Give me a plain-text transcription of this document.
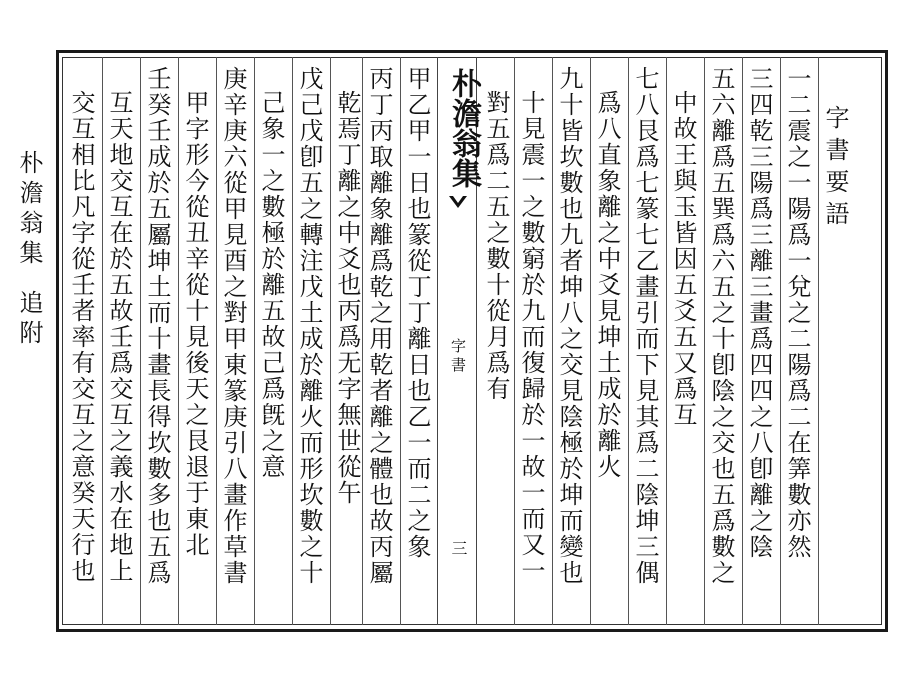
朴澹翁集
追附
朴澹翁集
字書
三
字書要語
一二震之一陽爲一兌之二陽爲二在筭數亦然
三四乾三陽爲三離三畫爲四四之八卽離之陰
五六離爲五巽爲六五之十卽陰之交也五爲數之
中故王與玉皆因五爻五又爲互
七八艮爲七篆七乙畫引而下見其爲二陰坤三偶
爲八直象離之中爻見坤土成於離火
九十皆坎數也九者坤八之交見陰極於坤而變也
十見震一之數窮於九而復歸於一故一而又一
對五爲二五之數十從月爲有
甲乙甲一日也篆從丁丁離日也乙一而二之象
丙丁丙取離象離爲乾之用乾者離之體也故丙屬
乾焉丁離之中爻也丙爲无字無世從午
戊己戊卽五之轉注戊土成於離火而形坎數之十
己象一之數極於離五故己爲旣之意
庚辛庚六從甲見酉之對甲東篆庚引八畫作草書
甲字形今從丑辛從十見後天之艮退于東北
壬癸壬成於五屬坤土而十畫長得坎數多也五爲
互天地交互在於五故壬爲交互之義水在地上
交互相比凡字從壬者率有交互之意癸天行也
